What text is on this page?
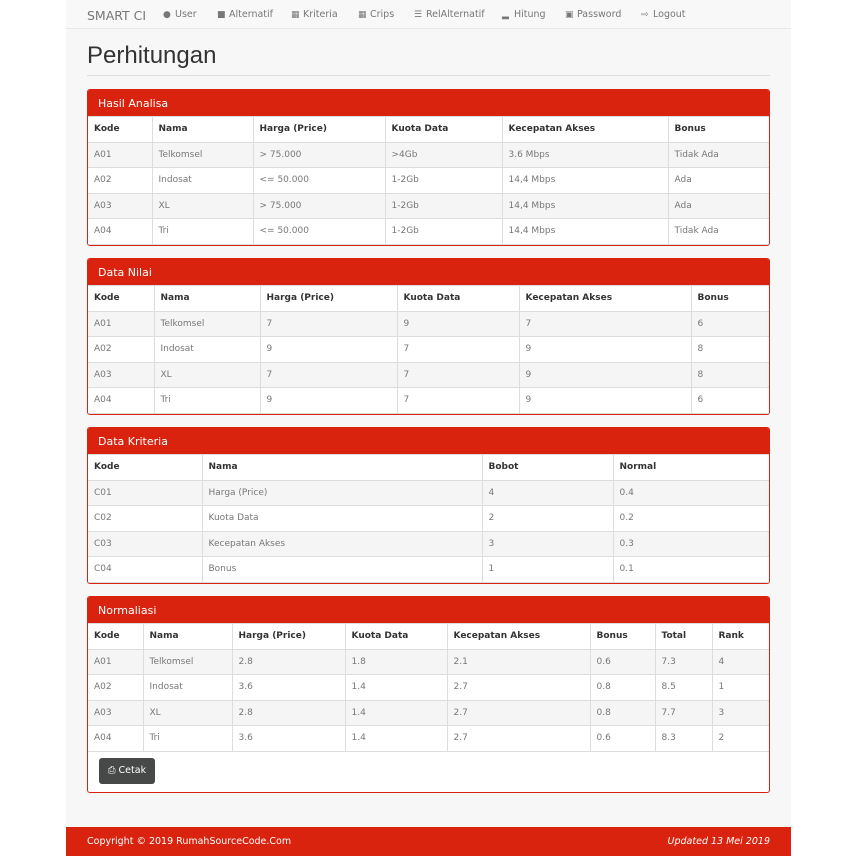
SMART CI ● User ■ Alternatif ▦ Kriteria ▦ Crips ☰ RelAlternatif ▂ Hitung ▣ Password ⇨ Logout
Perhitungan
Hasil Analisa
Kode	Nama	Harga (Price)	Kuota Data	Kecepatan Akses	Bonus
A01	Telkomsel	> 75.000	>4Gb	3.6 Mbps	Tidak Ada
A02	Indosat	<= 50.000	1-2Gb	14,4 Mbps	Ada
A03	XL	> 75.000	1-2Gb	14,4 Mbps	Ada
A04	Tri	<= 50.000	1-2Gb	14,4 Mbps	Tidak Ada
Data Nilai
Kode	Nama	Harga (Price)	Kuota Data	Kecepatan Akses	Bonus
A01	Telkomsel	7	9	7	6
A02	Indosat	9	7	9	8
A03	XL	7	7	9	8
A04	Tri	9	7	9	6
Data Kriteria
Kode	Nama	Bobot	Normal
C01	Harga (Price)	4	0.4
C02	Kuota Data	2	0.2
C03	Kecepatan Akses	3	0.3
C04	Bonus	1	0.1
Normaliasi
Kode	Nama	Harga (Price)	Kuota Data	Kecepatan Akses	Bonus	Total	Rank
A01	Telkomsel	2.8	1.8	2.1	0.6	7.3	4
A02	Indosat	3.6	1.4	2.7	0.8	8.5	1
A03	XL	2.8	1.4	2.7	0.8	7.7	3
A04	Tri	3.6	1.4	2.7	0.6	8.3	2
⎙ Cetak
Copyright © 2019 RumahSourceCode.Com	Updated 13 Mei 2019
